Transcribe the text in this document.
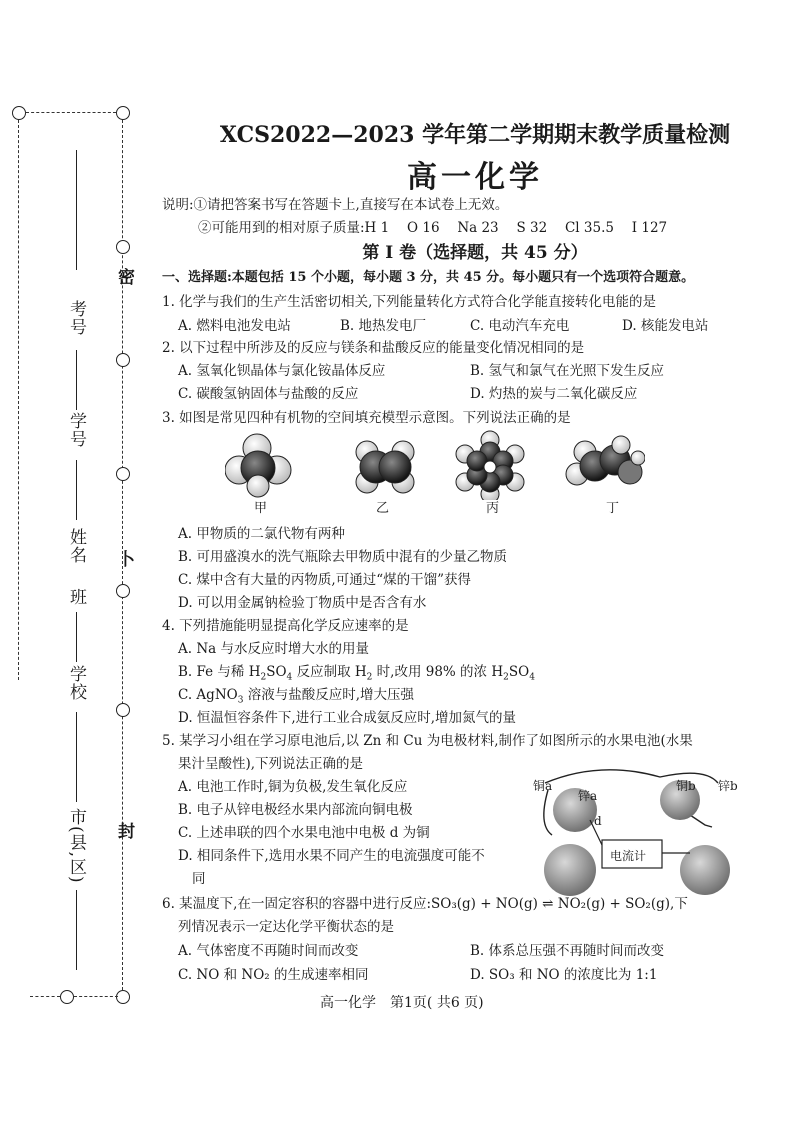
考号
学号
姓名
班
学校
市(县,区)
密
卜
封
XCS2022—2023 学年第二学期期末教学质量检测
高一化学
说明:①请把答案书写在答题卡上,直接写在本试卷上无效。
②可能用到的相对原子质量:H 1　 O 16　 Na 23　 S 32　 Cl 35.5　 I 127
第 I 卷（选择题，共 45 分）
一、选择题:本题包括 15 个小题，每小题 3 分，共 45 分。每小题只有一个选项符合题意。
1. 化学与我们的生产生活密切相关,下列能量转化方式符合化学能直接转化电能的是
A. 燃料电池发电站	B. 地热发电厂	C. 电动汽车充电	D. 核能发电站
2. 以下过程中所涉及的反应与镁条和盐酸反应的能量变化情况相同的是
A. 氢氧化钡晶体与氯化铵晶体反应	B. 氢气和氯气在光照下发生反应
C. 碳酸氢钠固体与盐酸的反应	D. 灼热的炭与二氧化碳反应
3. 如图是常见四种有机物的空间填充模型示意图。下列说法正确的是
甲	乙	丙	丁
A. 甲物质的二氯代物有两种
B. 可用盛溴水的洗气瓶除去甲物质中混有的少量乙物质
C. 煤中含有大量的丙物质,可通过“煤的干馏”获得
D. 可以用金属钠检验丁物质中是否含有水
4. 下列措施能明显提高化学反应速率的是
A. Na 与水反应时增大水的用量
B. Fe 与稀 $H_2SO_4$ 反应制取 $H_2$ 时,改用 98% 的浓 $H_2SO_4$
C. AgNO$_3$ 溶液与盐酸反应时,增大压强
D. 恒温恒容条件下,进行工业合成氨反应时,增加氮气的量
5. 某学习小组在学习原电池后,以 Zn 和 Cu 为电极材料,制作了如图所示的水果电池(水果
果汁呈酸性),下列说法正确的是
A. 电池工作时,铜为负极,发生氧化反应
B. 电子从锌电极经水果内部流向铜电极
C. 上述串联的四个水果电池中电极 d 为铜
D. 相同条件下,选用水果不同产生的电流强度可能不
同
铜a
锌a
铜b 锌b
d
电流计
6. 某温度下,在一固定容积的容器中进行反应:SO₃(g) + NO(g) ⇌ NO₂(g) + SO₂(g),下
列情况表示一定达化学平衡状态的是
A. 气体密度不再随时间而改变	B. 体系总压强不再随时间而改变
C. NO 和 NO₂ 的生成速率相同	D. SO₃ 和 NO 的浓度比为 1:1
高一化学　第1页( 共6 页)
